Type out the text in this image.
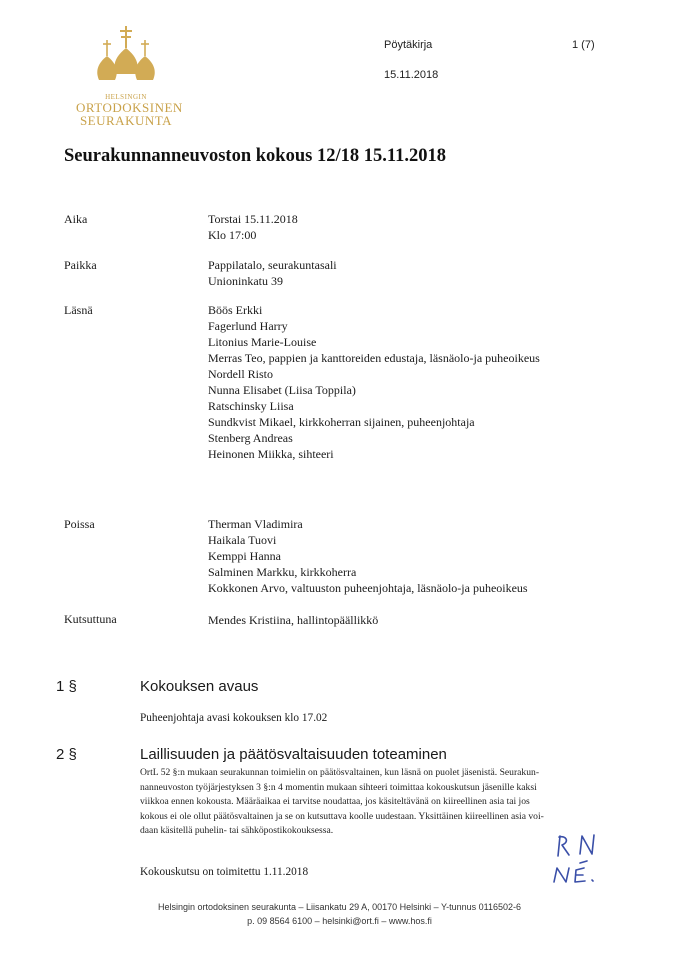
HELSINGIN
ORTODOKSINEN
SEURAKUNTA
Pöytäkirja	1 (7)
15.11.2018
Seurakunnanneuvoston kokous 12/18 15.11.2018
Aika	Torstai 15.11.2018
Klo 17:00
Paikka	Pappilatalo, seurakuntasali
Unioninkatu 39
Läsnä	Böös Erkki
Fagerlund Harry
Litonius Marie-Louise
Merras Teo, pappien ja kanttoreiden edustaja, läsnäolo-ja puheoikeus
Nordell Risto
Nunna Elisabet (Liisa Toppila)
Ratschinsky Liisa
Sundkvist Mikael, kirkkoherran sijainen, puheenjohtaja
Stenberg Andreas
Heinonen Miikka, sihteeri
Poissa	Therman Vladimira
Haikala Tuovi
Kemppi Hanna
Salminen Markku, kirkkoherra
Kokkonen Arvo, valtuuston puheenjohtaja, läsnäolo-ja puheoikeus
Kutsuttuna	Mendes Kristiina, hallintopäällikkö
1 §	Kokouksen avaus
Puheenjohtaja avasi kokouksen klo 17.02
2 §	Laillisuuden ja päätösvaltaisuuden toteaminen
OrtL 52 §:n mukaan seurakunnan toimielin on päätösvaltainen, kun läsnä on puolet jäsenistä. Seurakun-
nanneuvoston työjärjestyksen 3 §:n 4 momentin mukaan sihteeri toimittaa kokouskutsun jäsenille kaksi
viikkoa ennen kokousta. Määräaikaa ei tarvitse noudattaa, jos käsiteltävänä on kiireellinen asia tai jos
kokous ei ole ollut päätösvaltainen ja se on kutsuttava koolle uudestaan. Yksittäinen kiireellinen asia voi-
daan käsitellä puhelin- tai sähköpostikokouksessa.
Kokouskutsu on toimitettu 1.11.2018
Helsingin ortodoksinen seurakunta – Liisankatu 29 A, 00170 Helsinki – Y-tunnus 0116502-6
p. 09 8564 6100 – helsinki@ort.fi – www.hos.fi
